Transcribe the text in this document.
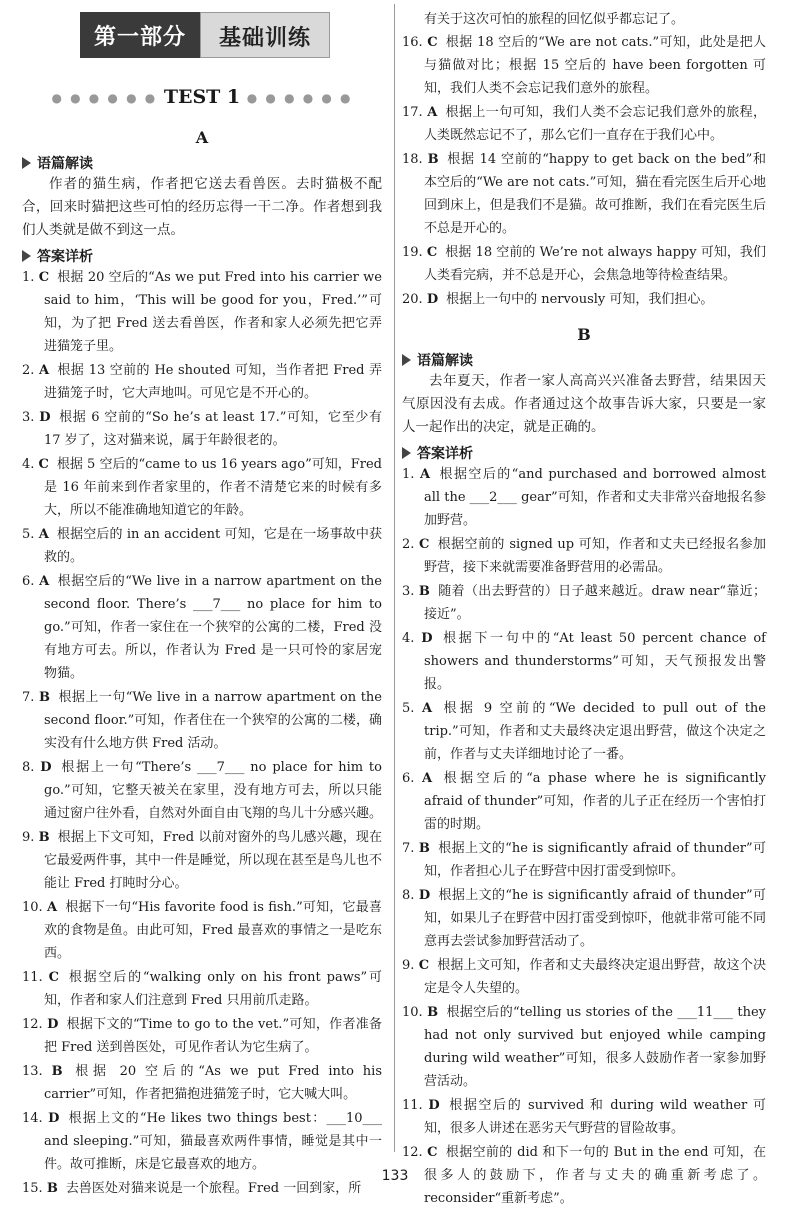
第一部分	基础训练
● ● ● ● ● ● TEST 1 ● ● ● ● ● ●
A
语篇解读
作者的猫生病，作者把它送去看兽医。去时猫极不配合，回来时猫把这些可怕的经历忘得一干二净。作者想到我们人类就是做不到这一点。
答案详析
1. C 根据 20 空后的“As we put Fred into his carrier we said to him，‘This will be good for you，Fred.’”可知，为了把 Fred 送去看兽医，作者和家人必须先把它弄进猫笼子里。
2. A 根据 13 空前的 He shouted 可知，当作者把 Fred 弄进猫笼子时，它大声地叫。可见它是不开心的。
3. D 根据 6 空前的“So he’s at least 17.”可知，它至少有 17 岁了，这对猫来说，属于年龄很老的。
4. C 根据 5 空后的“came to us 16 years ago”可知，Fred 是 16 年前来到作者家里的，作者不清楚它来的时候有多大，所以不能准确地知道它的年龄。
5. A 根据空后的 in an accident 可知，它是在一场事故中获救的。
6. A 根据空后的“We live in a narrow apartment on the second floor. There’s ___7___ no place for him to go.”可知，作者一家住在一个狭窄的公寓的二楼，Fred 没有地方可去。所以，作者认为 Fred 是一只可怜的家居宠物猫。
7. B 根据上一句“We live in a narrow apartment on the second floor.”可知，作者住在一个狭窄的公寓的二楼，确实没有什么地方供 Fred 活动。
8. D 根据上一句“There’s ___7___ no place for him to go.”可知，它整天被关在家里，没有地方可去，所以只能通过窗户往外看，自然对外面自由飞翔的鸟儿十分感兴趣。
9. B 根据上下文可知，Fred 以前对窗外的鸟儿感兴趣，现在它最爱两件事，其中一件是睡觉，所以现在甚至是鸟儿也不能让 Fred 打盹时分心。
10. A 根据下一句“His favorite food is fish.”可知，它最喜欢的食物是鱼。由此可知，Fred 最喜欢的事情之一是吃东西。
11. C 根据空后的“walking only on his front paws”可知，作者和家人们注意到 Fred 只用前爪走路。
12. D 根据下文的“Time to go to the vet.”可知，作者准备把 Fred 送到兽医处，可见作者认为它生病了。
13. B 根据 20 空后的“As we put Fred into his carrier”可知，作者把猫抱进猫笼子时，它大喊大叫。
14. D 根据上文的“He likes two things best：___10___ and sleeping.”可知，猫最喜欢两件事情，睡觉是其中一件。故可推断，床是它最喜欢的地方。
15. B 去兽医处对猫来说是一个旅程。Fred 一回到家，所
有关于这次可怕的旅程的回忆似乎都忘记了。
16. C 根据 18 空后的“We are not cats.”可知，此处是把人与猫做对比；根据 15 空后的 have been forgotten 可知，我们人类不会忘记我们意外的旅程。
17. A 根据上一句可知，我们人类不会忘记我们意外的旅程，人类既然忘记不了，那么它们一直存在于我们心中。
18. B 根据 14 空前的“happy to get back on the bed”和本空后的“We are not cats.”可知，猫在看完医生后开心地回到床上，但是我们不是猫。故可推断，我们在看完医生后不总是开心的。
19. C 根据 18 空前的 We’re not always happy 可知，我们人类看完病，并不总是开心，会焦急地等待检查结果。
20. D 根据上一句中的 nervously 可知，我们担心。
B
语篇解读
去年夏天，作者一家人高高兴兴准备去野营，结果因天气原因没有去成。作者通过这个故事告诉大家，只要是一家人一起作出的决定，就是正确的。
答案详析
1. A 根据空后的“and purchased and borrowed almost all the ___2___ gear”可知，作者和丈夫非常兴奋地报名参加野营。
2. C 根据空前的 signed up 可知，作者和丈夫已经报名参加野营，接下来就需要准备野营用的必需品。
3. B 随着（出去野营的）日子越来越近。draw near“靠近；接近”。
4. D 根据下一句中的“At least 50 percent chance of showers and thunderstorms”可知，天气预报发出警报。
5. A 根据 9 空前的“We decided to pull out of the trip.”可知，作者和丈夫最终决定退出野营，做这个决定之前，作者与丈夫详细地讨论了一番。
6. A 根据空后的“a phase where he is significantly afraid of thunder”可知，作者的儿子正在经历一个害怕打雷的时期。
7. B 根据上文的“he is significantly afraid of thunder”可知，作者担心儿子在野营中因打雷受到惊吓。
8. D 根据上文的“he is significantly afraid of thunder”可知，如果儿子在野营中因打雷受到惊吓，他就非常可能不同意再去尝试参加野营活动了。
9. C 根据上文可知，作者和丈夫最终决定退出野营，故这个决定是令人失望的。
10. B 根据空后的“telling us stories of the ___11___ they had not only survived but enjoyed while camping during wild weather”可知，很多人鼓励作者一家参加野营活动。
11. D 根据空后的 survived 和 during wild weather 可知，很多人讲述在恶劣天气野营的冒险故事。
12. C 根据空前的 did 和下一句的 But in the end 可知，在很多人的鼓励下，作者与丈夫的确重新考虑了。reconsider“重新考虑”。
133
